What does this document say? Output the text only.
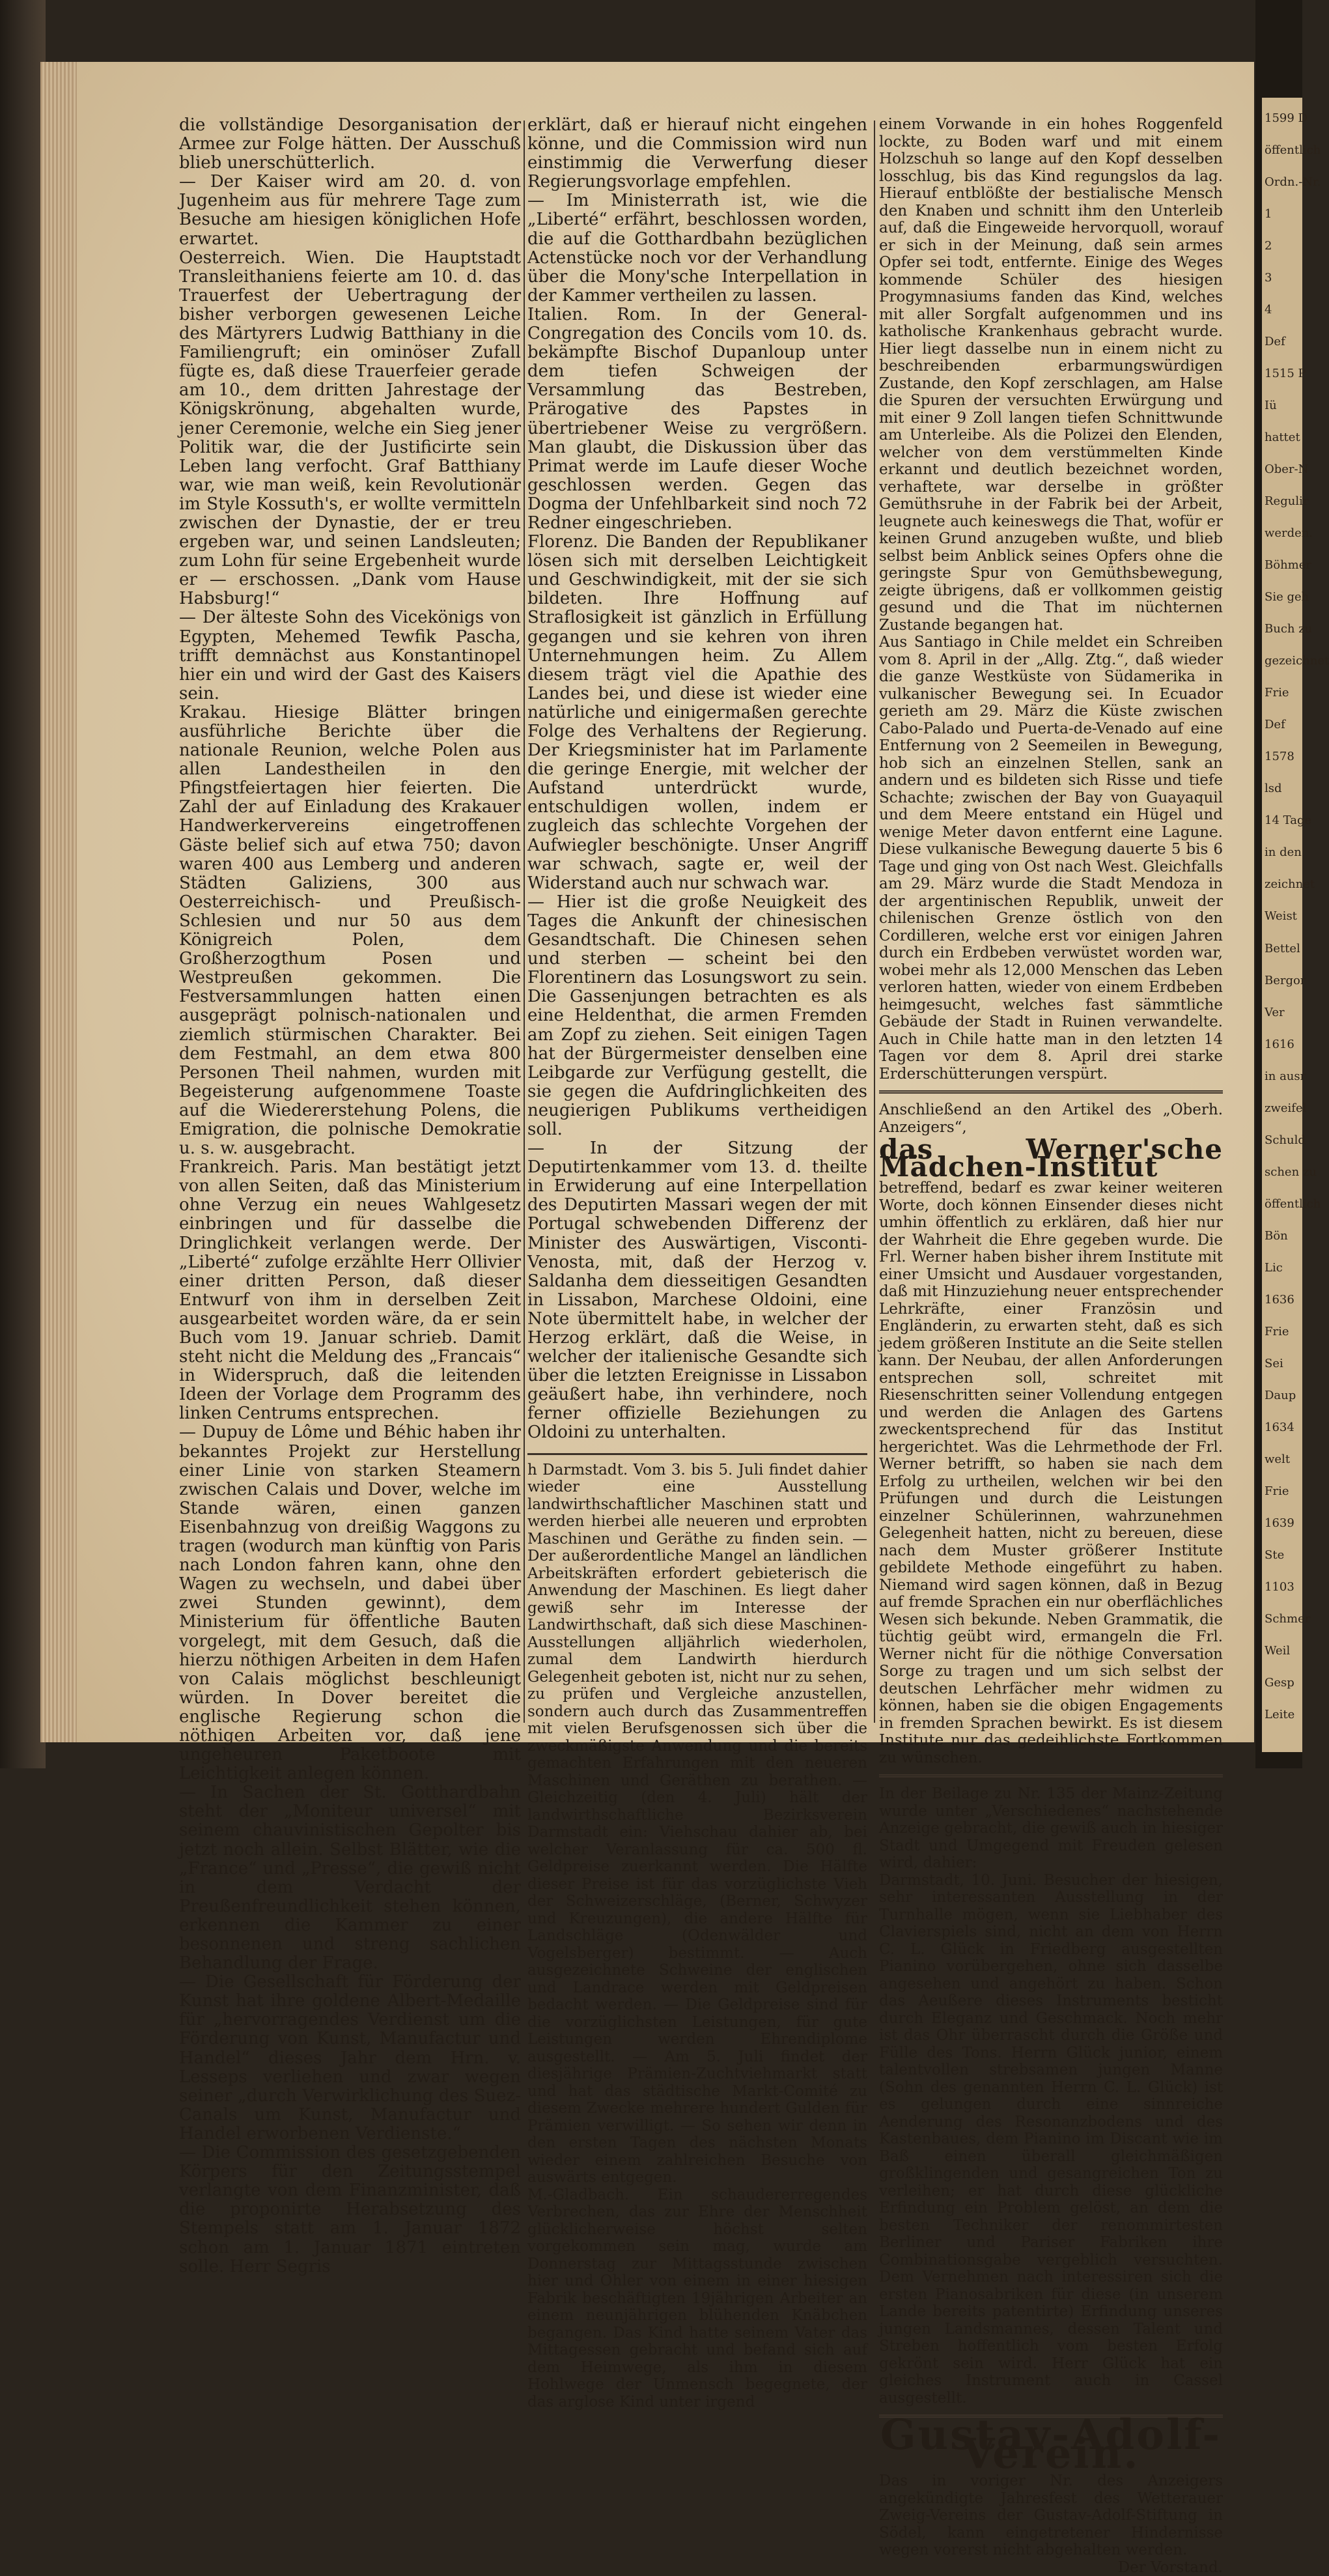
die vollständige Desorganisation der Armee zur Folge hätten. Der Ausschuß blieb unerschütterlich.

— Der Kaiser wird am 20. d. von Jugenheim aus für mehrere Tage zum Besuche am hiesigen königlichen Hofe erwartet.

Oesterreich. Wien. Die Hauptstadt Transleithaniens feierte am 10. d. das Trauerfest der Uebertragung der bisher verborgen gewesenen Leiche des Märtyrers Ludwig Batthiany in die Familiengruft; ein ominöser Zufall fügte es, daß diese Trauerfeier gerade am 10., dem dritten Jahrestage der Königskrönung, abgehalten wurde, jener Ceremonie, welche ein Sieg jener Politik war, die der Justificirte sein Leben lang verfocht. Graf Batthiany war, wie man weiß, kein Revolutionär im Style Kossuth's, er wollte vermitteln zwischen der Dynastie, der er treu ergeben war, und seinen Landsleuten; zum Lohn für seine Ergebenheit wurde er — erschossen. „Dank vom Hause Habsburg!“

— Der älteste Sohn des Vicekönigs von Egypten, Mehemed Tewfik Pascha, trifft demnächst aus Konstantinopel hier ein und wird der Gast des Kaisers sein.

Krakau. Hiesige Blätter bringen ausführliche Berichte über die nationale Reunion, welche Polen aus allen Landestheilen in den Pfingstfeiertagen hier feierten. Die Zahl der auf Einladung des Krakauer Handwerkervereins eingetroffenen Gäste belief sich auf etwa 750; davon waren 400 aus Lemberg und anderen Städten Galiziens, 300 aus Oesterreichisch- und Preußisch-Schlesien und nur 50 aus dem Königreich Polen, dem Großherzogthum Posen und Westpreußen gekommen. Die Festversammlungen hatten einen ausgeprägt polnisch-nationalen und ziemlich stürmischen Charakter. Bei dem Festmahl, an dem etwa 800 Personen Theil nahmen, wurden mit Begeisterung aufgenommene Toaste auf die Wiedererstehung Polens, die Emigration, die polnische Demokratie u. s. w. ausgebracht.

Frankreich. Paris. Man bestätigt jetzt von allen Seiten, daß das Ministerium ohne Verzug ein neues Wahlgesetz einbringen und für dasselbe die Dringlichkeit verlangen werde. Der „Liberté“ zufolge erzählte Herr Ollivier einer dritten Person, daß dieser Entwurf von ihm in derselben Zeit ausgearbeitet worden wäre, da er sein Buch vom 19. Januar schrieb. Damit steht nicht die Meldung des „Francais“ in Widerspruch, daß die leitenden Ideen der Vorlage dem Programm des linken Centrums entsprechen.

— Dupuy de Lôme und Béhic haben ihr bekanntes Projekt zur Herstellung einer Linie von starken Steamern zwischen Calais und Dover, welche im Stande wären, einen ganzen Eisenbahnzug von dreißig Waggons zu tragen (wodurch man künftig von Paris nach London fahren kann, ohne den Wagen zu wechseln, und dabei über zwei Stunden gewinnt), dem Ministerium für öffentliche Bauten vorgelegt, mit dem Gesuch, daß die hierzu nöthigen Arbeiten in dem Hafen von Calais möglichst beschleunigt würden. In Dover bereitet die englische Regierung schon die nöthigen Arbeiten vor, daß jene ungeheuren Paketboote mit Leichtigkeit anlegen können.

— In Sachen der St. Gotthardbahn steht der „Moniteur universel“ mit seinem chauvinistischen Gepolter bis jetzt noch allein. Selbst Blätter, wie die „France“ und „Presse“, die gewiß nicht in dem Verdacht der Preußenfreundlichkeit stehen können, erkennen die Kammer zu einer besonnenen und streng sachlichen Behandlung der Frage.

— Die Gesellschaft für Förderung der Kunst hat ihre goldene Albert-Medaille für „hervorragendes Verdienst um die Förderung von Kunst, Manufactur und Handel“ dieses Jahr dem Hrn. v. Lesseps verliehen und zwar wegen seiner „durch Verwirklichung des Suez-Canals um Kunst, Manufactur und Handel erworbenen Verdienste.“

— Die Commission des gesetzgebenden Körpers für den Zeitungsstempel verlangte von dem Finanzminister, daß die proponirte Herabsetzung des Stempels statt am 1. Januar 1872 schon am 1. Januar 1871 eintreten solle. Herr Segris

erklärt, daß er hierauf nicht eingehen könne, und die Commission wird nun einstimmig die Verwerfung dieser Regierungsvorlage empfehlen.

— Im Ministerrath ist, wie die „Liberté“ erfährt, beschlossen worden, die auf die Gotthardbahn bezüglichen Actenstücke noch vor der Verhandlung über die Mony'sche Interpellation in der Kammer vertheilen zu lassen.

Italien. Rom. In der General-Congregation des Concils vom 10. ds. bekämpfte Bischof Dupanloup unter dem tiefen Schweigen der Versammlung das Bestreben, Prärogative des Papstes in übertriebener Weise zu vergrößern. Man glaubt, die Diskussion über das Primat werde im Laufe dieser Woche geschlossen werden. Gegen das Dogma der Unfehlbarkeit sind noch 72 Redner eingeschrieben.

Florenz. Die Banden der Republikaner lösen sich mit derselben Leichtigkeit und Geschwindigkeit, mit der sie sich bildeten. Ihre Hoffnung auf Straflosigkeit ist gänzlich in Erfüllung gegangen und sie kehren von ihren Unternehmungen heim. Zu Allem diesem trägt viel die Apathie des Landes bei, und diese ist wieder eine natürliche und einigermaßen gerechte Folge des Verhaltens der Regierung. Der Kriegsminister hat im Parlamente die geringe Energie, mit welcher der Aufstand unterdrückt wurde, entschuldigen wollen, indem er zugleich das schlechte Vorgehen der Aufwiegler beschönigte. Unser Angriff war schwach, sagte er, weil der Widerstand auch nur schwach war.

— Hier ist die große Neuigkeit des Tages die Ankunft der chinesischen Gesandtschaft. Die Chinesen sehen und sterben — scheint bei den Florentinern das Losungswort zu sein. Die Gassenjungen betrachten es als eine Heldenthat, die armen Fremden am Zopf zu ziehen. Seit einigen Tagen hat der Bürgermeister denselben eine Leibgarde zur Verfügung gestellt, die sie gegen die Aufdringlichkeiten des neugierigen Publikums vertheidigen soll.

— In der Sitzung der Deputirtenkammer vom 13. d. theilte in Erwiderung auf eine Interpellation des Deputirten Massari wegen der mit Portugal schwebenden Differenz der Minister des Auswärtigen, Visconti-Venosta, mit, daß der Herzog v. Saldanha dem diesseitigen Gesandten in Lissabon, Marchese Oldoini, eine Note übermittelt habe, in welcher der Herzog erklärt, daß die Weise, in welcher der italienische Gesandte sich über die letzten Ereignisse in Lissabon geäußert habe, ihn verhindere, noch ferner offizielle Beziehungen zu Oldoini zu unterhalten.

h Darmstadt. Vom 3. bis 5. Juli findet dahier wieder eine Ausstellung landwirthschaftlicher Maschinen statt und werden hierbei alle neueren und erprobten Maschinen und Geräthe zu finden sein. — Der außerordentliche Mangel an ländlichen Arbeitskräften erfordert gebieterisch die Anwendung der Maschinen. Es liegt daher gewiß sehr im Interesse der Landwirthschaft, daß sich diese Maschinen-Ausstellungen alljährlich wiederholen, zumal dem Landwirth hierdurch Gelegenheit geboten ist, nicht nur zu sehen, zu prüfen und Vergleiche anzustellen, sondern auch durch das Zusammentreffen mit vielen Berufsgenossen sich über die zweckmäßigste Anwendung und die bereits gemachten Erfahrungen mit den neueren Maschinen und Geräthen zu berathen. — Gleichzeitig (den 4. Juli) hält der landwirthschaftliche Bezirksverein Darmstadt ein: Viehschau dahier ab, bei welcher Veranlassung für ca. 500 fl. Geldpreise zuerkannt werden. Die Hälfte dieser Preise ist für das vorzüglichste Vieh der Schweizerschläge, (Berner, Schwyzer und Kreuzungen), die andere Hälfte für Landschläge (Odenwälder und Vogelsberger) bestimmt. — Auch ausgezeichnete Schweine der englischen und Landrace werden mit Geldpreisen bedacht werden. — Die Geldpreise sind für die vorzüglichsten Leistungen, für gute Leistungen werden Ehrendiplome ausgestellt. — Am 5. Juli findet der diesjährige Prämien-Zuchtviehmarkt statt und hat das städtische Markt-Comité zu diesem Zwecke mehrere hundert Gulden für Prämien verwilligt. — So sehen wir denn in den ersten Tagen des nächsten Monats wieder einem zahlreichen Besuche von auswärts entgegen.

M.-Gladbach. Ein schaudererregendes Verbrechen, das zur Ehre der Menschheit glücklicherweise höchst selten vorgekommen sein mag, wurde am Donnerstag zur Mittagsstunde zwischen hier und Ohler von einem in einer hiesigen Fabrik beschäftigten 19jährigen Arbeiter an einem neunjährigen blühenden Knäbchen begangen. Das Kind hatte seinem Vater das Mittagessen gebracht und befand sich auf dem Heimwege, als ihm in diesem Hohlwege der Unmensch begegnete, der das arglose Kind unter irgend

einem Vorwande in ein hohes Roggenfeld lockte, zu Boden warf und mit einem Holzschuh so lange auf den Kopf desselben losschlug, bis das Kind regungslos da lag. Hierauf entblößte der bestialische Mensch den Knaben und schnitt ihm den Unterleib auf, daß die Eingeweide hervorquoll, worauf er sich in der Meinung, daß sein armes Opfer sei todt, entfernte. Einige des Weges kommende Schüler des hiesigen Progymnasiums fanden das Kind, welches mit aller Sorgfalt aufgenommen und ins katholische Krankenhaus gebracht wurde. Hier liegt dasselbe nun in einem nicht zu beschreibenden erbarmungswürdigen Zustande, den Kopf zerschlagen, am Halse die Spuren der versuchten Erwürgung und mit einer 9 Zoll langen tiefen Schnittwunde am Unterleibe. Als die Polizei den Elenden, welcher von dem verstümmelten Kinde erkannt und deutlich bezeichnet worden, verhaftete, war derselbe in größter Gemüthsruhe in der Fabrik bei der Arbeit, leugnete auch keineswegs die That, wofür er keinen Grund anzugeben wußte, und blieb selbst beim Anblick seines Opfers ohne die geringste Spur von Gemüthsbewegung, zeigte übrigens, daß er vollkommen geistig gesund und die That im nüchternen Zustande begangen hat.

Aus Santiago in Chile meldet ein Schreiben vom 8. April in der „Allg. Ztg.“, daß wieder die ganze Westküste von Südamerika in vulkanischer Bewegung sei. In Ecuador gerieth am 29. März die Küste zwischen Cabo-Palado und Puerta-de-Venado auf eine Entfernung von 2 Seemeilen in Bewegung, hob sich an einzelnen Stellen, sank an andern und es bildeten sich Risse und tiefe Schachte; zwischen der Bay von Guayaquil und dem Meere entstand ein Hügel und wenige Meter davon entfernt eine Lagune. Diese vulkanische Bewegung dauerte 5 bis 6 Tage und ging von Ost nach West. Gleichfalls am 29. März wurde die Stadt Mendoza in der argentinischen Republik, unweit der chilenischen Grenze östlich von den Cordilleren, welche erst vor einigen Jahren durch ein Erdbeben verwüstet worden war, wobei mehr als 12,000 Menschen das Leben verloren hatten, wieder von einem Erdbeben heimgesucht, welches fast sämmtliche Gebäude der Stadt in Ruinen verwandelte. Auch in Chile hatte man in den letzten 14 Tagen vor dem 8. April drei starke Erderschütterungen verspürt.

Anschließend an den Artikel des „Oberh. Anzeigers“,

das Werner'sche Mädchen-Institut

betreffend, bedarf es zwar keiner weiteren Worte, doch können Einsender dieses nicht umhin öffentlich zu erklären, daß hier nur der Wahrheit die Ehre gegeben wurde. Die Frl. Werner haben bisher ihrem Institute mit einer Umsicht und Ausdauer vorgestanden, daß mit Hinzuziehung neuer entsprechender Lehrkräfte, einer Französin und Engländerin, zu erwarten steht, daß es sich jedem größeren Institute an die Seite stellen kann. Der Neubau, der allen Anforderungen entsprechen soll, schreitet mit Riesenschritten seiner Vollendung entgegen und werden die Anlagen des Gartens zweckentsprechend für das Institut hergerichtet. Was die Lehrmethode der Frl. Werner betrifft, so haben sie nach dem Erfolg zu urtheilen, welchen wir bei den Prüfungen und durch die Leistungen einzelner Schülerinnen, wahrzunehmen Gelegenheit hatten, nicht zu bereuen, diese nach dem Muster größerer Institute gebildete Methode eingeführt zu haben. Niemand wird sagen können, daß in Bezug auf fremde Sprachen ein nur oberflächliches Wesen sich bekunde. Neben Grammatik, die tüchtig geübt wird, ermangeln die Frl. Werner nicht für die nöthige Conversation Sorge zu tragen und um sich selbst der deutschen Lehrfächer mehr widmen zu können, haben sie die obigen Engagements in fremden Sprachen bewirkt. Es ist diesem Institute nur das gedeihlichste Fortkommen zu wünschen.

In der Beilage zu Nr. 135 der Mainz-Zeitung wurde unter „Verschiedenes“ nachstehende Anzeige gebracht, die gewiß auch in hiesiger Stadt und Umgegend mit Freuden gelesen wird, dahier:

Darmstadt, 10. Juni. Besucher der hiesigen, sehr interessanten Ausstellung in der Turnhalle mögen, wenn sie Liebhaber des Clavierspiels sind, nicht an dem von Herrn C. L. Glück in Friedberg ausgestellten Pianino vorübergehen, ohne sich dasselbe angesehen und angehört zu haben. Schon das Aeußere dieses Instruments besticht durch Eleganz und Geschmack. Noch mehr ist das Ohr überrascht durch die Größe und Fülle des Tons. Herrn Glück junior, einem talentvollen strebsamen jungen Manne (Sohn des genannten Herrn C. L. Glück) ist es gelungen durch eine sinnreiche Aenderung des Resonanzbodens und des Kastenbaues, dem Pianino im Discant wie im Baß einen überall gleichmäßigen großklingenden und gesangreichen Ton zu verleihen; er hat durch diese glückliche Erfindung ein Problem gelöst, an dem die besten Techniker der renommirtesten Berliner und Pariser Fabriken ihre Combinationsgabe vergeblich versuchten. Dem Vernehmen nach interessiren sich die ersten Pianosabriken für diese (in unserem Lande bereits patentirte) Erfindung unseres jungen Landsmannes, dessen Talent und Streben hoffentlich vom besten Erfolg gekrönt sein wird. Herr Glück hat ein gleiches Instrument auch in Cassel ausgestellt.

Gustav-Adolf-Verein.

Das in voriger Nr. des Anzeigers angekündigte Jahresfest des Wetterauer Zweig-Vereins der Gustav-Adolf-Stiftung in Södel, kann eingetretener Hindernisse wegen vorerst nicht abgehalten werden.

Der Vorstand.

1599 D
öffentlich
Ordn.-Nr.
1
2
3
4
Def
1515 P
Iü
hattet
Ober-N
Regulir
werden.
Böhmer
Sie geh
Buch zu
gezeichnet
Frie
Def
1578
lsd
14 Tage
in den
zeichnet
Weist
Bettel
Bergor
Ver
1616
in ausr
zweifel
Schuld
schen zu
öffentlich
Bön
Lic
1636
Frie
Sei
Daup
1634
welt
Frie
1639
Ste
1103
Schmer
Weil
Gesp
Leite
